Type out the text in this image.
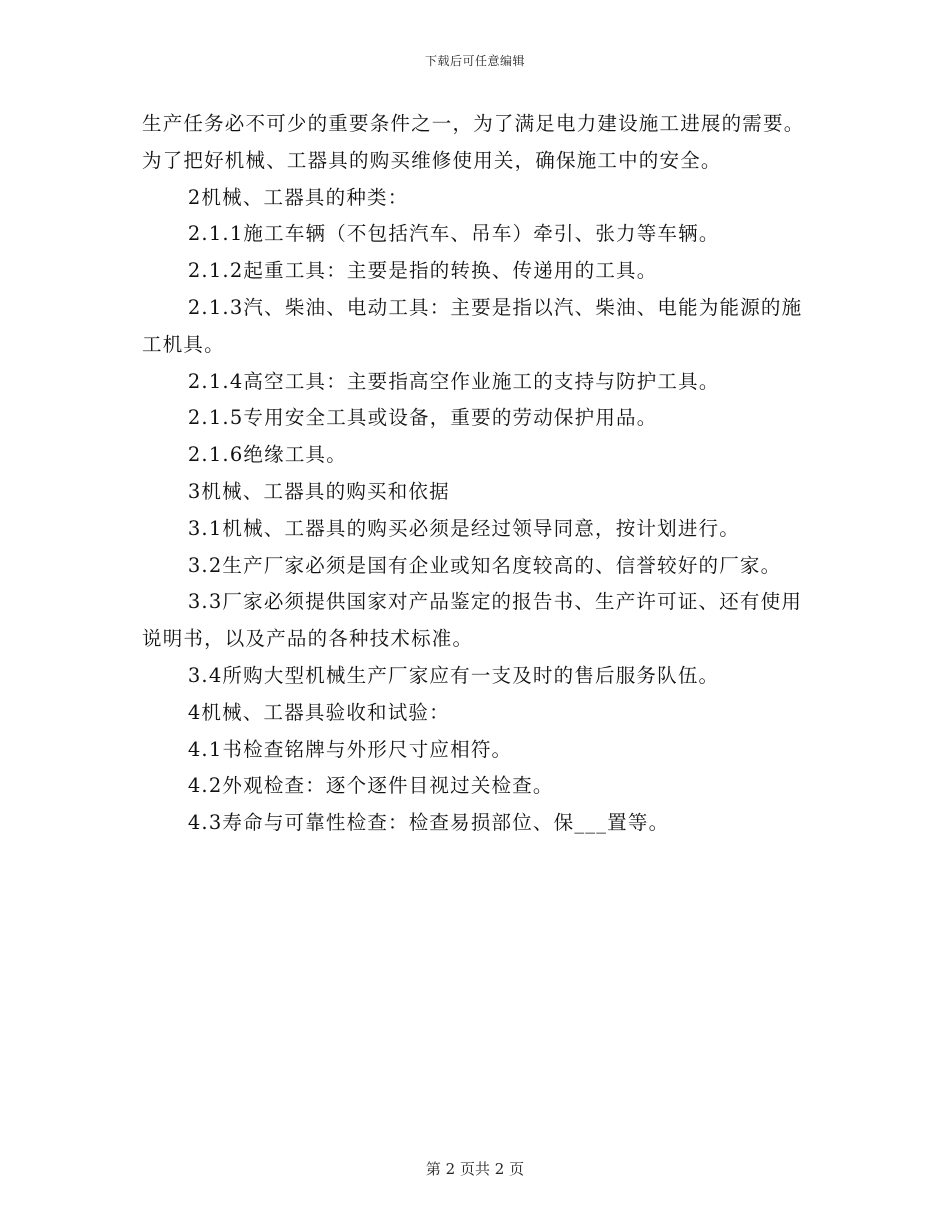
下载后可任意编辑

生产任务必不可少的重要条件之一，为了满足电力建设施工进展的需要。为了把好机械、工器具的购买维修使用关，确保施工中的安全。

2机械、工器具的种类：

2.1.1施工车辆（不包括汽车、吊车）牵引、张力等车辆。

2.1.2起重工具：主要是指的转换、传递用的工具。

2.1.3汽、柴油、电动工具：主要是指以汽、柴油、电能为能源的施工机具。

2.1.4高空工具：主要指高空作业施工的支持与防护工具。

2.1.5专用安全工具或设备，重要的劳动保护用品。

2.1.6绝缘工具。

3机械、工器具的购买和依据

3.1机械、工器具的购买必须是经过领导同意，按计划进行。

3.2生产厂家必须是国有企业或知名度较高的、信誉较好的厂家。

3.3厂家必须提供国家对产品鉴定的报告书、生产许可证、还有使用说明书，以及产品的各种技术标准。

3.4所购大型机械生产厂家应有一支及时的售后服务队伍。

4机械、工器具验收和试验：

4.1书检查铭牌与外形尺寸应相符。

4.2外观检查：逐个逐件目视过关检查。

4.3寿命与可靠性检查：检查易损部位、保___置等。

第 2 页共 2 页
